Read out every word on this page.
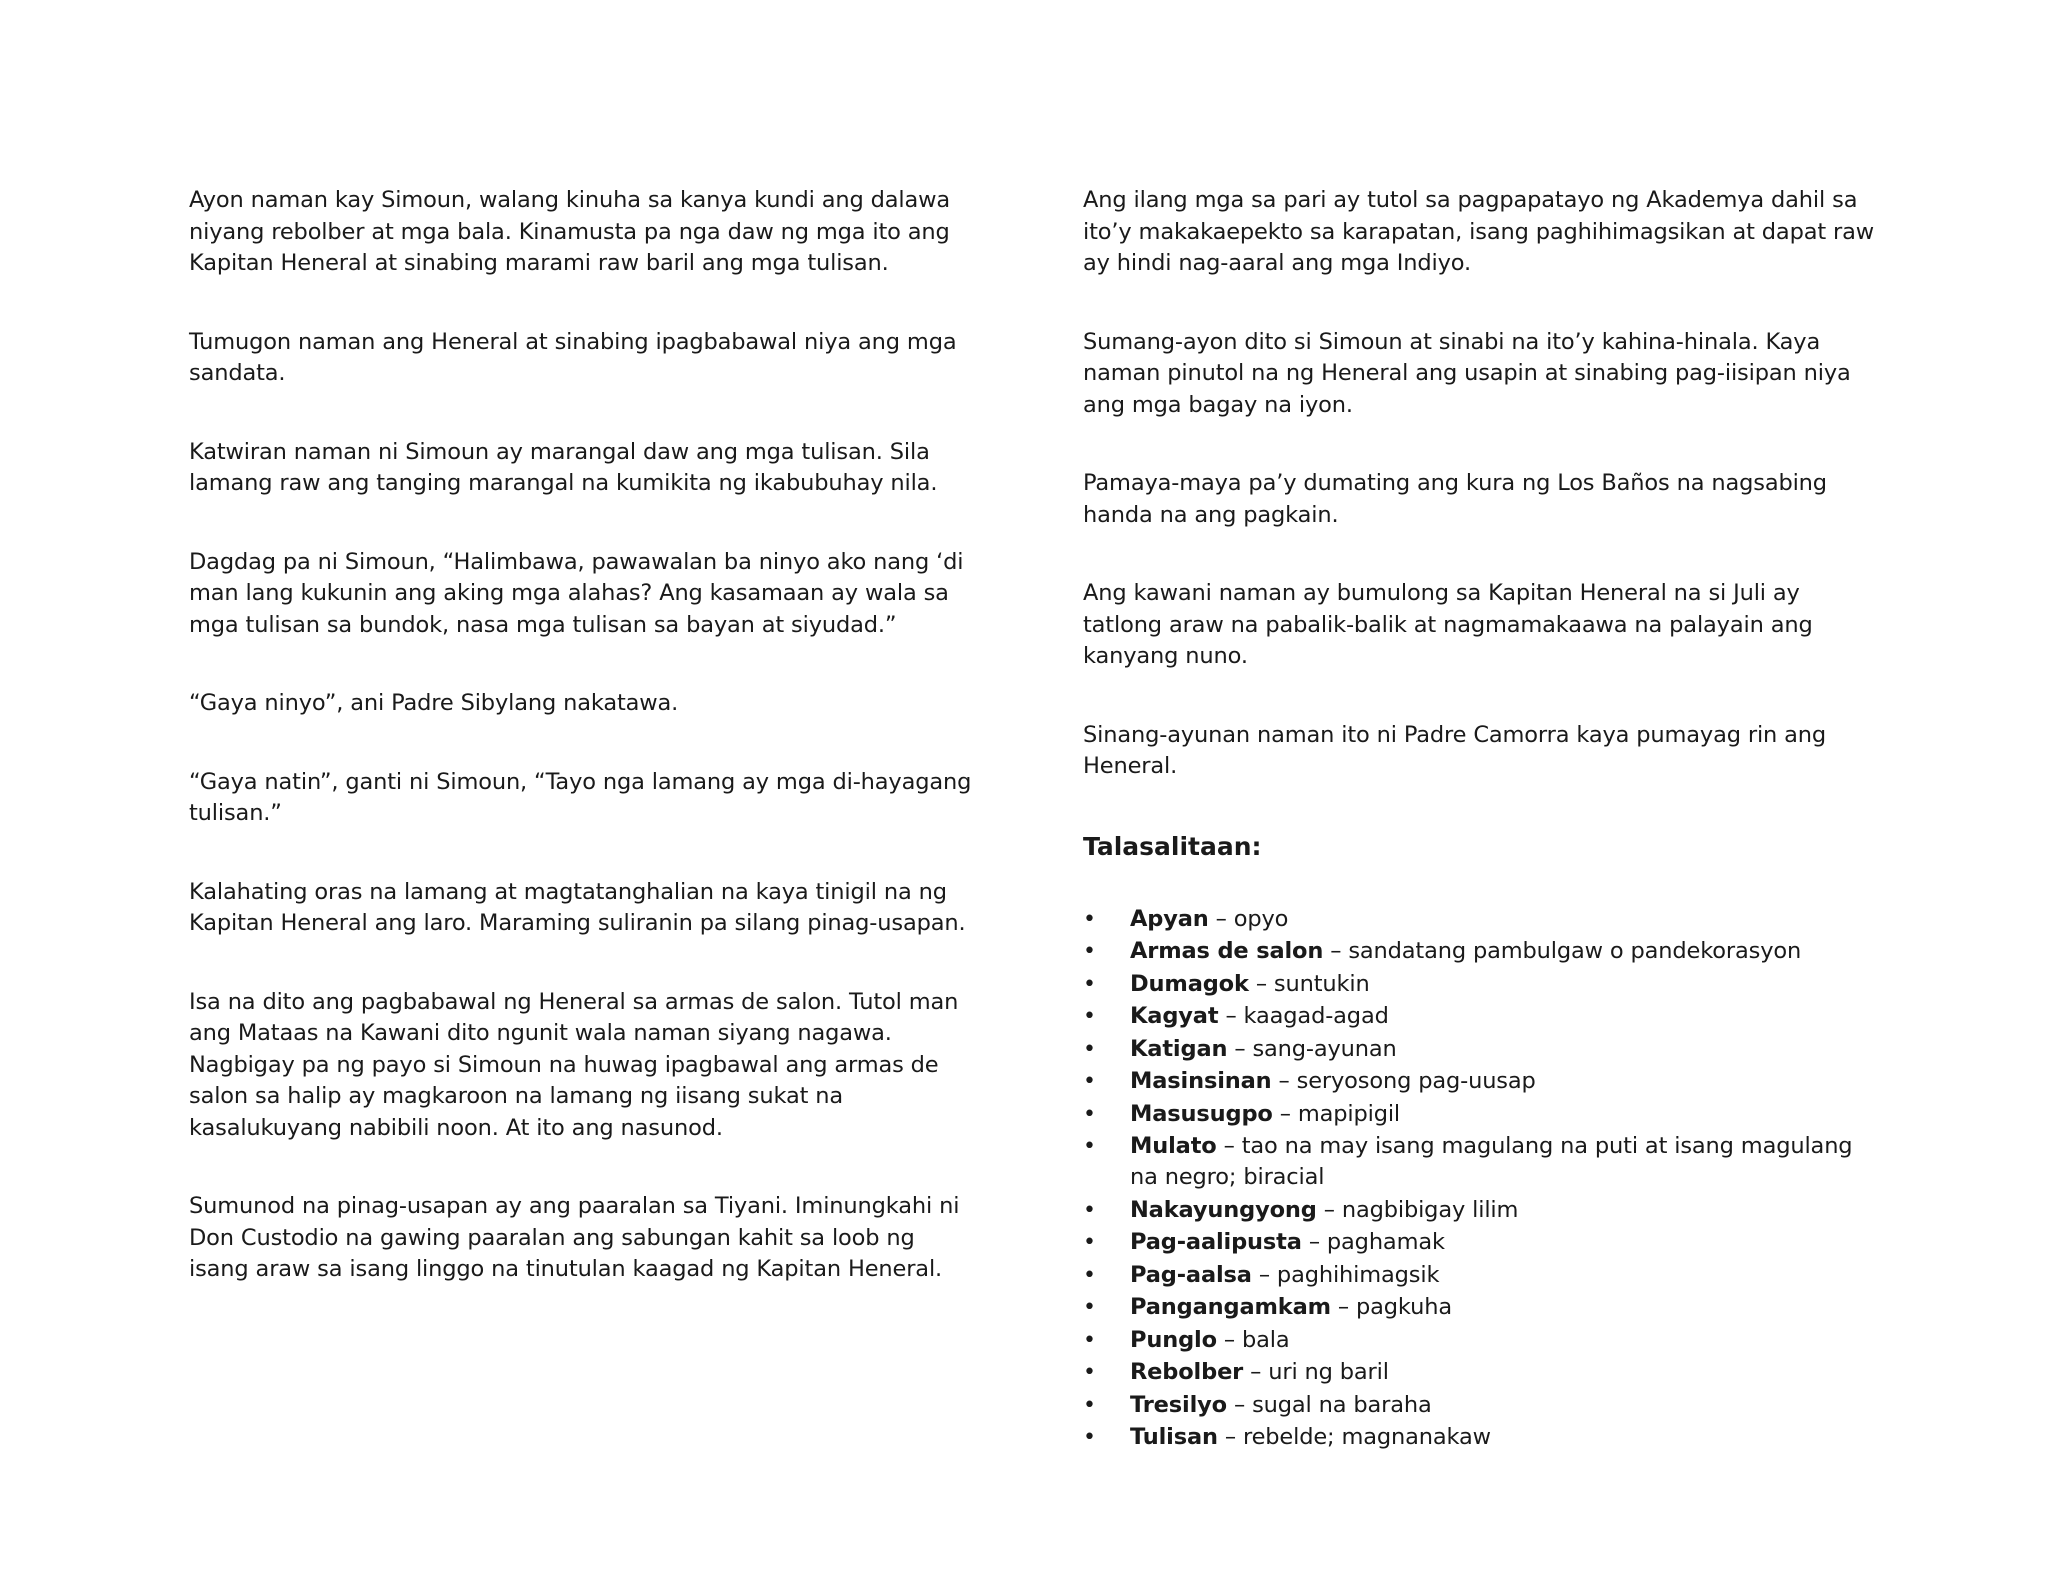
Ayon naman kay Simoun, walang kinuha sa kanya kundi ang dalawa niyang rebolber at mga bala. Kinamusta pa nga daw ng mga ito ang Kapitan Heneral at sinabing marami raw baril ang mga tulisan.

Tumugon naman ang Heneral at sinabing ipagbabawal niya ang mga sandata.

Katwiran naman ni Simoun ay marangal daw ang mga tulisan. Sila lamang raw ang tanging marangal na kumikita ng ikabubuhay nila.

Dagdag pa ni Simoun, “Halimbawa, pawawalan ba ninyo ako nang ‘di man lang kukunin ang aking mga alahas? Ang kasamaan ay wala sa mga tulisan sa bundok, nasa mga tulisan sa bayan at siyudad.”

“Gaya ninyo”, ani Padre Sibylang nakatawa.

“Gaya natin”, ganti ni Simoun, “Tayo nga lamang ay mga di-hayagang tulisan.”

Kalahating oras na lamang at magtatanghalian na kaya tinigil na ng Kapitan Heneral ang laro. Maraming suliranin pa silang pinag-usapan.

Isa na dito ang pagbabawal ng Heneral sa armas de salon. Tutol man ang Mataas na Kawani dito ngunit wala naman siyang nagawa. Nagbigay pa ng payo si Simoun na huwag ipagbawal ang armas de salon sa halip ay magkaroon na lamang ng iisang sukat na kasalukuyang nabibili noon. At ito ang nasunod.

Sumunod na pinag-usapan ay ang paaralan sa Tiyani. Iminungkahi ni Don Custodio na gawing paaralan ang sabungan kahit sa loob ng isang araw sa isang linggo na tinutulan kaagad ng Kapitan Heneral.

Ang ilang mga sa pari ay tutol sa pagpapatayo ng Akademya dahil sa ito’y makakaepekto sa karapatan, isang paghihimagsikan at dapat raw ay hindi nag-aaral ang mga Indiyo.

Sumang-ayon dito si Simoun at sinabi na ito’y kahina-hinala. Kaya naman pinutol na ng Heneral ang usapin at sinabing pag-iisipan niya ang mga bagay na iyon.

Pamaya-maya pa’y dumating ang kura ng Los Baños na nagsabing handa na ang pagkain.

Ang kawani naman ay bumulong sa Kapitan Heneral na si Juli ay tatlong araw na pabalik-balik at nagmamakaawa na palayain ang kanyang nuno.

Sinang-ayunan naman ito ni Padre Camorra kaya pumayag rin ang Heneral.

Talasalitaan:
• Apyan – opyo
• Armas de salon – sandatang pambulgaw o pandekorasyon
• Dumagok – suntukin
• Kagyat – kaagad-agad
• Katigan – sang-ayunan
• Masinsinan – seryosong pag-uusap
• Masusugpo – mapipigil
• Mulato – tao na may isang magulang na puti at isang magulang na negro; biracial
• Nakayungyong – nagbibigay lilim
• Pag-aalipusta – paghamak
• Pag-aalsa – paghihimagsik
• Pangangamkam – pagkuha
• Punglo – bala
• Rebolber – uri ng baril
• Tresilyo – sugal na baraha
• Tulisan – rebelde; magnanakaw
